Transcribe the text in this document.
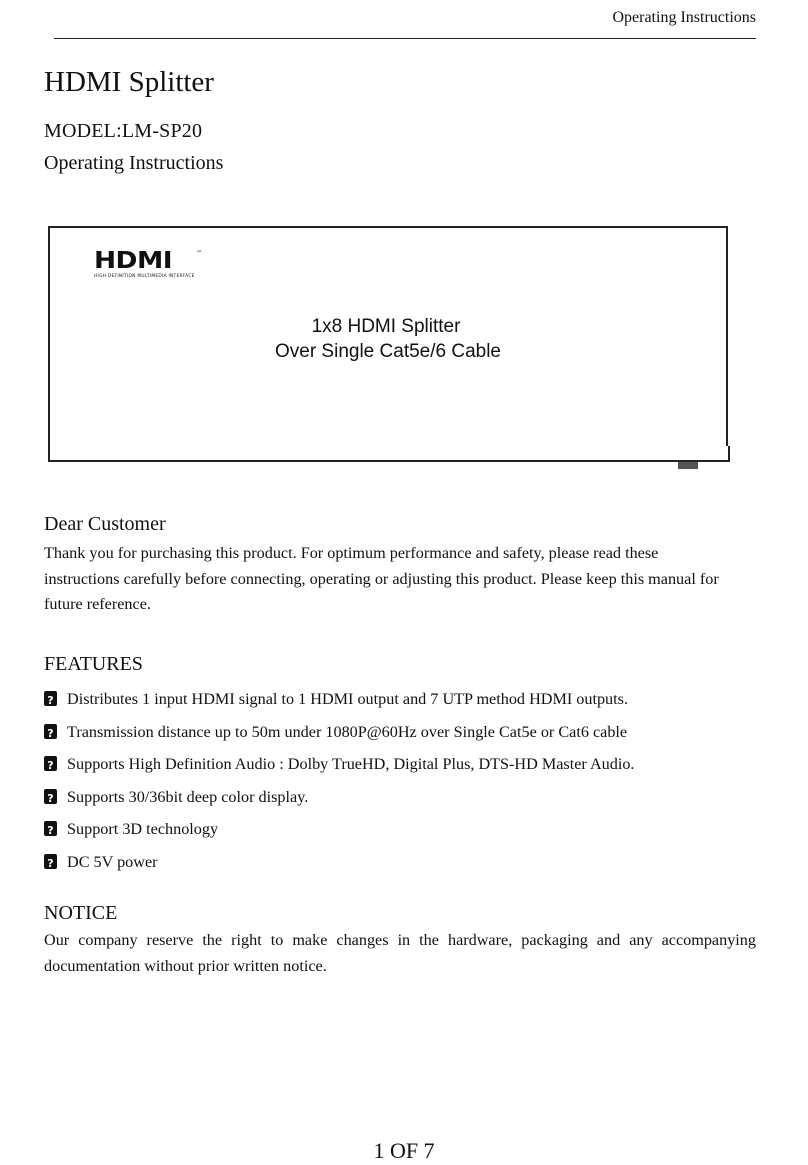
Operating Instructions
HDMI Splitter
MODEL:LM-SP20
Operating Instructions
HDMI	™
HIGH DEFINITION MULTIMEDIA INTERFACE
1x8 HDMI Splitter
Over Single Cat5e/6 Cable
Dear Customer
Thank you for purchasing this product. For optimum performance and safety, please read these instructions carefully before connecting, operating or adjusting this product. Please keep this manual for future reference.
FEATURES
?Distributes 1 input HDMI signal to 1 HDMI output and 7 UTP method HDMI outputs.
?Transmission distance up to 50m under 1080P@60Hz over Single Cat5e or Cat6 cable
?Supports High Definition Audio : Dolby TrueHD, Digital Plus, DTS-HD Master Audio.
?Supports 30/36bit deep color display.
?Support 3D technology
?DC 5V power
NOTICE
Our company reserve the right to make changes in the hardware, packaging and any accompanying documentation without prior written notice.
1 OF 7
